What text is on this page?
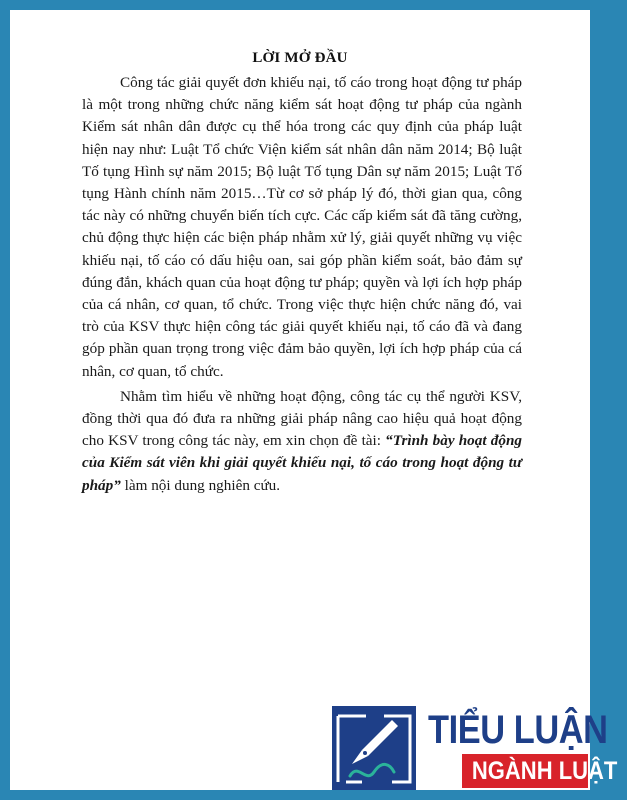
LỜI MỞ ĐẦU

Công tác giải quyết đơn khiếu nại, tố cáo trong hoạt động tư pháp là một trong những chức năng kiểm sát hoạt động tư pháp của ngành Kiểm sát nhân dân được cụ thể hóa trong các quy định của pháp luật hiện nay như: Luật Tổ chức Viện kiểm sát nhân dân năm 2014; Bộ luật Tố tụng Hình sự năm 2015; Bộ luật Tố tụng Dân sự năm 2015; Luật Tố tụng Hành chính năm 2015…Từ cơ sở pháp lý đó, thời gian qua, công tác này có những chuyển biến tích cực. Các cấp kiểm sát đã tăng cường, chủ động thực hiện các biện pháp nhằm xử lý, giải quyết những vụ việc khiếu nại, tố cáo có dấu hiệu oan, sai góp phần kiểm soát, bảo đảm sự đúng đắn, khách quan của hoạt động tư pháp; quyền và lợi ích hợp pháp của cá nhân, cơ quan, tổ chức. Trong việc thực hiện chức năng đó, vai trò của KSV thực hiện công tác giải quyết khiếu nại, tố cáo đã và đang góp phần quan trọng trong việc đảm bảo quyền, lợi ích hợp pháp của cá nhân, cơ quan, tổ chức.

Nhằm tìm hiểu về những hoạt động, công tác cụ thể người KSV, đồng thời qua đó đưa ra những giải pháp nâng cao hiệu quả hoạt động cho KSV trong công tác này, em xin chọn đề tài: “Trình bày hoạt động của Kiểm sát viên khi giải quyết khiếu nại, tố cáo trong hoạt động tư pháp” làm nội dung nghiên cứu.

TIỂU LUẬN
NGÀNH LUẬT
